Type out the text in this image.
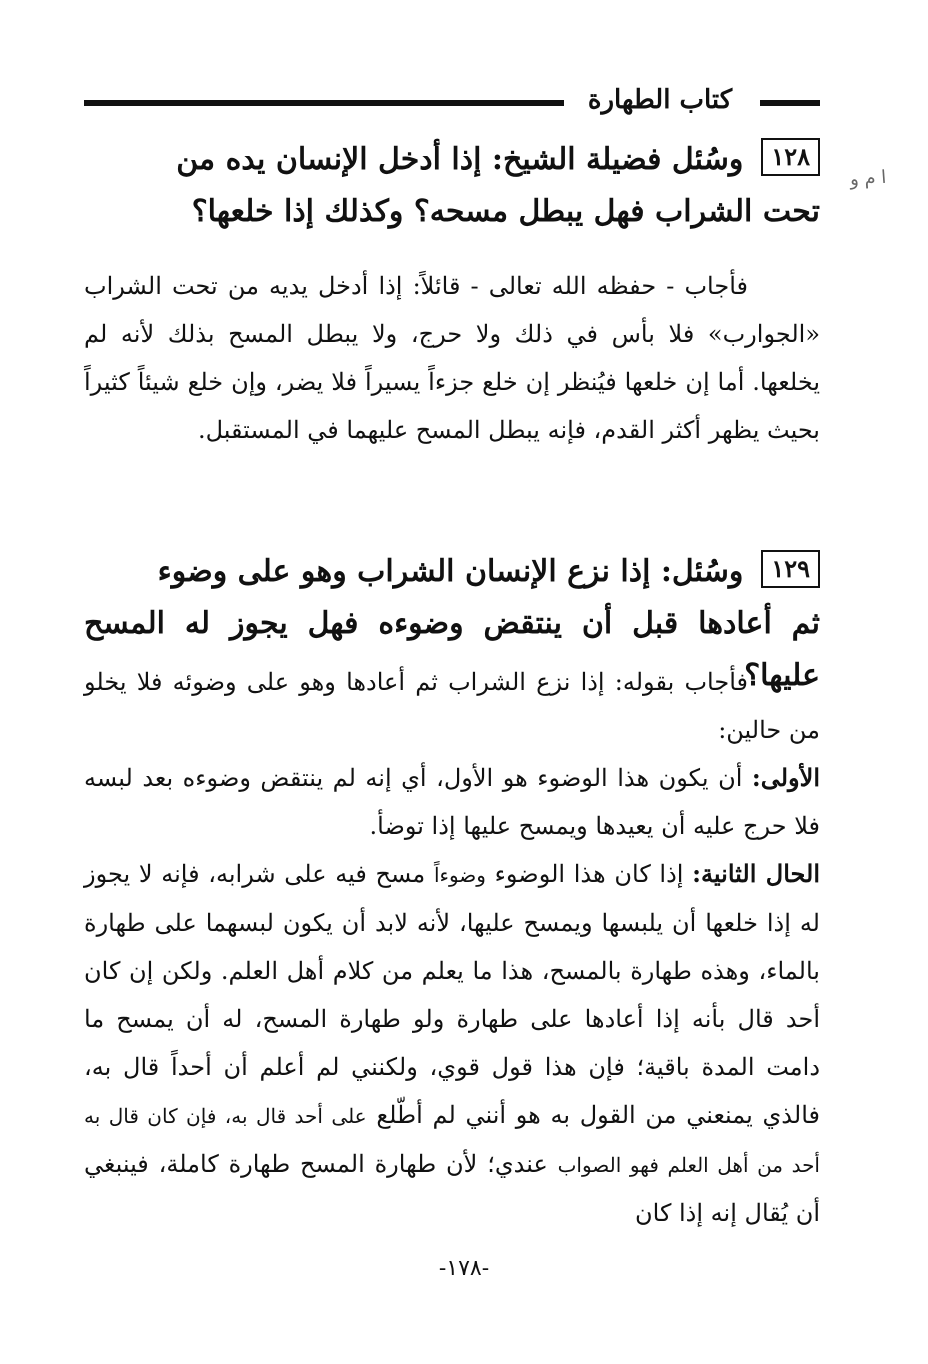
كتاب الطهارة
ا م و
١٢٨وسُئل فضيلة الشيخ: إذا أدخل الإنسان يده من
تحت الشراب فهل يبطل مسحه؟ وكذلك إذا خلعها؟

فأجاب - حفظه الله تعالى - قائلاً: إذا أدخل يديه من تحت الشراب «الجوارب» فلا بأس في ذلك ولا حرج، ولا يبطل المسح بذلك لأنه لم يخلعها. أما إن خلعها فيُنظر إن خلع جزءاً يسيراً فلا يضر، وإن خلع شيئاً كثيراً بحيث يظهر أكثر القدم، فإنه يبطل المسح عليهما في المستقبل.

١٢٩وسُئل: إذا نزع الإنسان الشراب وهو على وضوء
ثم أعادها قبل أن ينتقض وضوءه فهل يجوز له المسح عليها؟

فأجاب بقوله: إذا نزع الشراب ثم أعادها وهو على وضوئه فلا يخلو من حالين:

الأولى: أن يكون هذا الوضوء هو الأول، أي إنه لم ينتقض وضوءه بعد لبسه فلا حرج عليه أن يعيدها ويمسح عليها إذا توضأ.

الحال الثانية: إذا كان هذا الوضوء وضوءاً مسح فيه على شرابه، فإنه لا يجوز له إذا خلعها أن يلبسها ويمسح عليها، لأنه لابد أن يكون لبسهما على طهارة بالماء، وهذه طهارة بالمسح، هذا ما يعلم من كلام أهل العلم. ولكن إن كان أحد قال بأنه إذا أعادها على طهارة ولو طهارة المسح، له أن يمسح ما دامت المدة باقية؛ فإن هذا قول قوي، ولكنني لم أعلم أن أحداً قال به، فالذي يمنعني من القول به هو أنني لم أطّلع على أحد قال به، فإن كان قال به أحد من أهل العلم فهو الصواب عندي؛ لأن طهارة المسح طهارة كاملة، فينبغي أن يُقال إنه إذا كان

-١٧٨-
